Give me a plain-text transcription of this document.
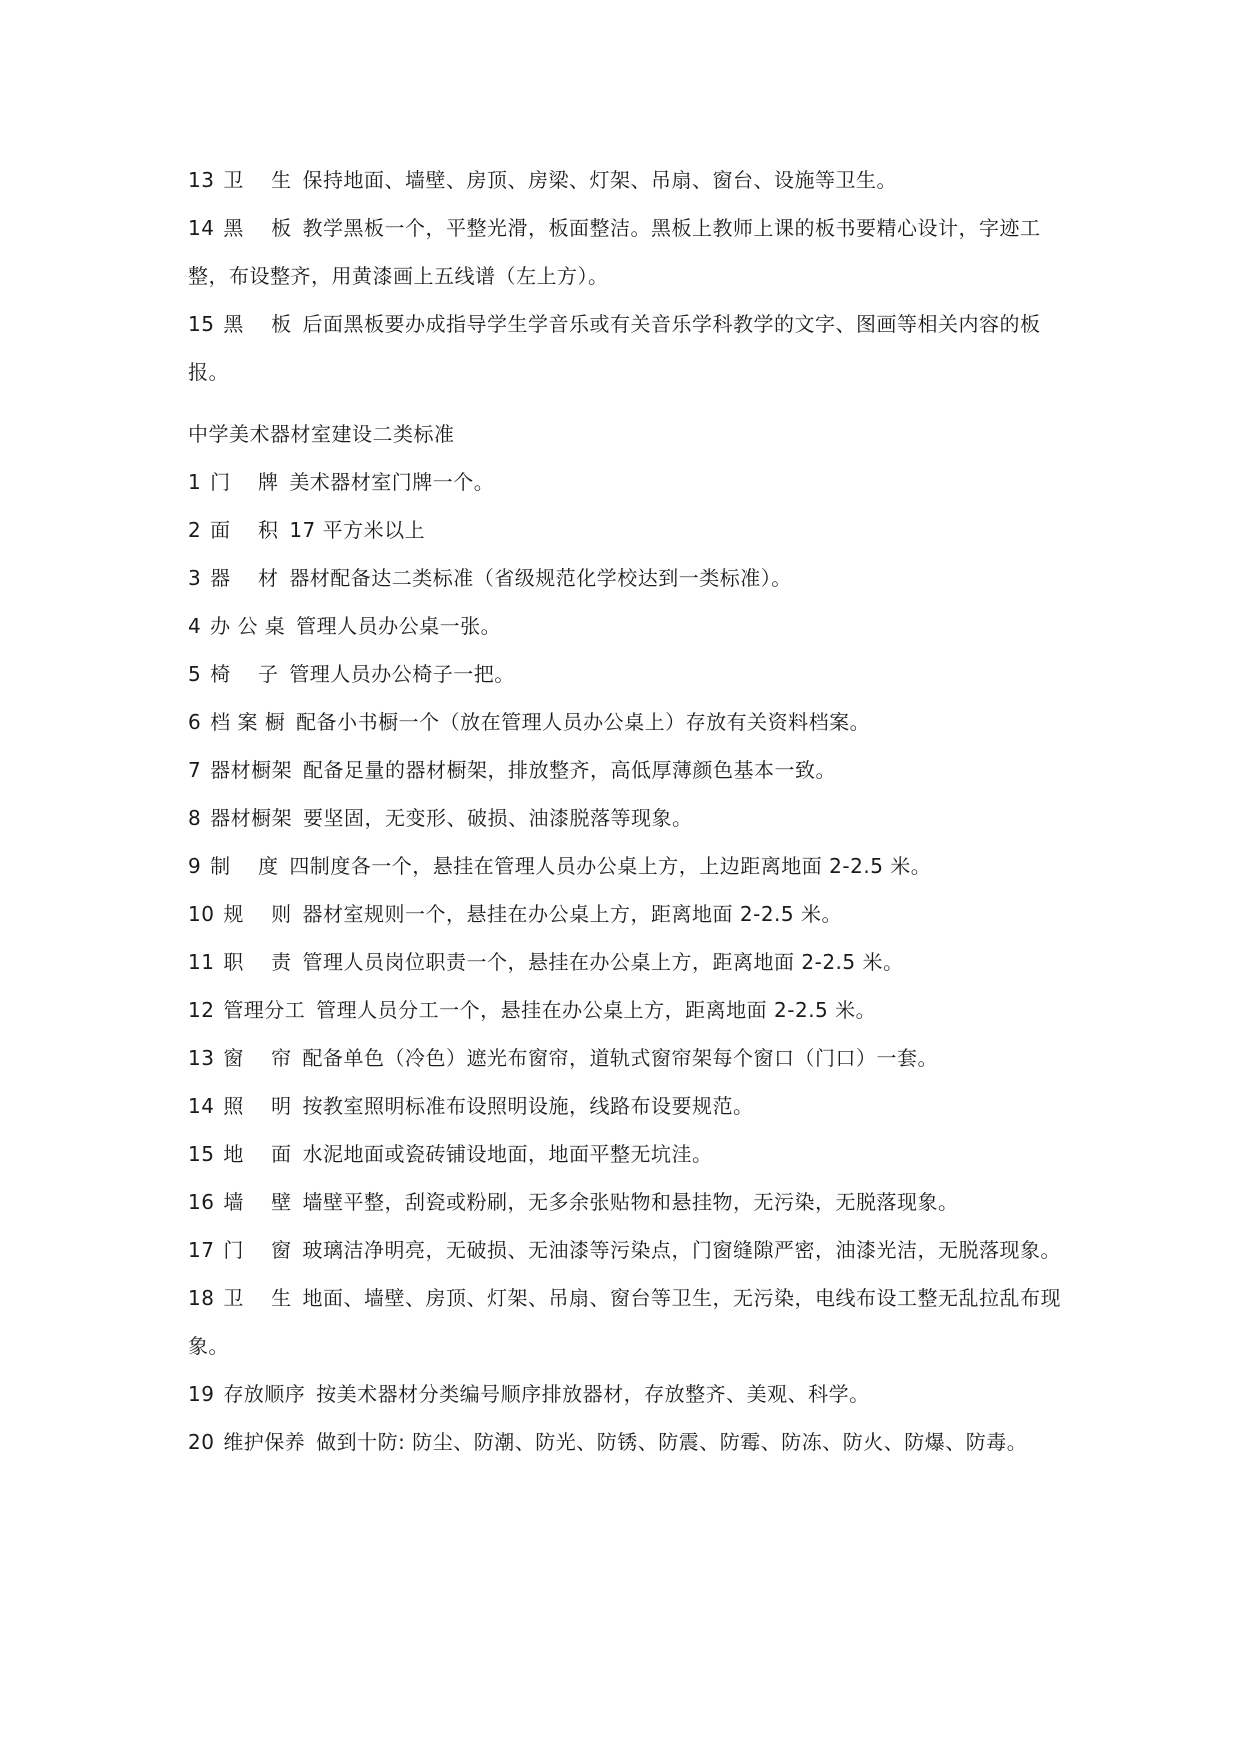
13 卫　 生 保持地面、墙壁、房顶、房梁、灯架、吊扇、窗台、设施等卫生。
14 黑　 板 教学黑板一个，平整光滑，板面整洁。黑板上教师上课的板书要精心设计，字迹工整，布设整齐，用黄漆画上五线谱（左上方）。
15 黑　 板 后面黑板要办成指导学生学音乐或有关音乐学科教学的文字、图画等相关内容的板报。
中学美术器材室建设二类标准
1 门　 牌 美术器材室门牌一个。
2 面　 积 17 平方米以上
3 器　 材 器材配备达二类标准（省级规范化学校达到一类标准）。
4 办 公 桌 管理人员办公桌一张。
5 椅　 子 管理人员办公椅子一把。
6 档 案 橱 配备小书橱一个（放在管理人员办公桌上）存放有关资料档案。
7 器材橱架 配备足量的器材橱架，排放整齐，高低厚薄颜色基本一致。
8 器材橱架 要坚固，无变形、破损、油漆脱落等现象。
9 制　 度 四制度各一个，悬挂在管理人员办公桌上方，上边距离地面 2-2.5 米。
10 规　 则 器材室规则一个，悬挂在办公桌上方，距离地面 2-2.5 米。
11 职　 责 管理人员岗位职责一个，悬挂在办公桌上方，距离地面 2-2.5 米。
12 管理分工 管理人员分工一个，悬挂在办公桌上方，距离地面 2-2.5 米。
13 窗　 帘 配备单色（冷色）遮光布窗帘，道轨式窗帘架每个窗口（门口）一套。
14 照　 明 按教室照明标准布设照明设施，线路布设要规范。
15 地　 面 水泥地面或瓷砖铺设地面，地面平整无坑洼。
16 墙　 壁 墙壁平整，刮瓷或粉刷，无多余张贴物和悬挂物，无污染，无脱落现象。
17 门　 窗 玻璃洁净明亮，无破损、无油漆等污染点，门窗缝隙严密，油漆光洁，无脱落现象。
18 卫　 生 地面、墙壁、房顶、灯架、吊扇、窗台等卫生，无污染，电线布设工整无乱拉乱布现象。
19 存放顺序 按美术器材分类编号顺序排放器材，存放整齐、美观、科学。
20 维护保养 做到十防: 防尘、防潮、防光、防锈、防震、防霉、防冻、防火、防爆、防毒。
